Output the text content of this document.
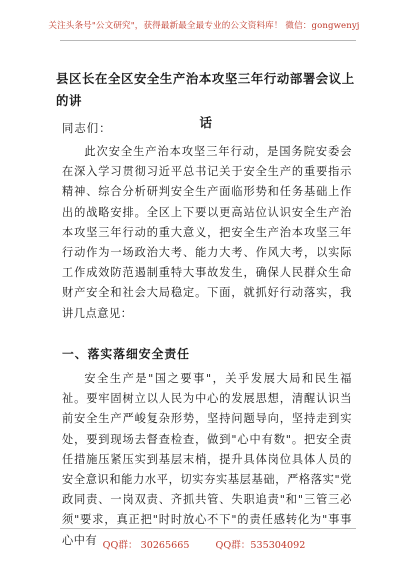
关注头条号"公文研究"，获得最新最全最专业的公文资料库！ 微信：gongwenyj
县区长在全区安全生产治本攻坚三年行动部署会议上的讲
话
同志们：

此次安全生产治本攻坚三年行动，是国务院安委会在深入学习贯彻习近平总书记关于安全生产的重要指示精神、综合分析研判安全生产面临形势和任务基础上作出的战略安排。全区上下要以更高站位认识安全生产治本攻坚三年行动的重大意义，把安全生产治本攻坚三年行动作为一场政治大考、能力大考、作风大考，以实际工作成效防范遏制重特大事故发生，确保人民群众生命财产安全和社会大局稳定。下面，就抓好行动落实，我讲几点意见：

一、落实落细安全责任

安全生产是"国之要事"，关乎发展大局和民生福祉。要牢固树立以人民为中心的发展思想，清醒认识当前安全生产严峻复杂形势，坚持问题导向，坚持走到实处，要到现场去督查检查，做到"心中有数"。把安全责任措施压紧压实到基层末梢，提升具体岗位具体人员的安全意识和能力水平，切实夯实基层基础，严格落实"党政同责、一岗双责、齐抓共管、失职追责"和"三管三必须"要求，真正把"时时放心不下"的责任感转化为"事事心中有 QQ群： 30265665	QQ群：535304092
